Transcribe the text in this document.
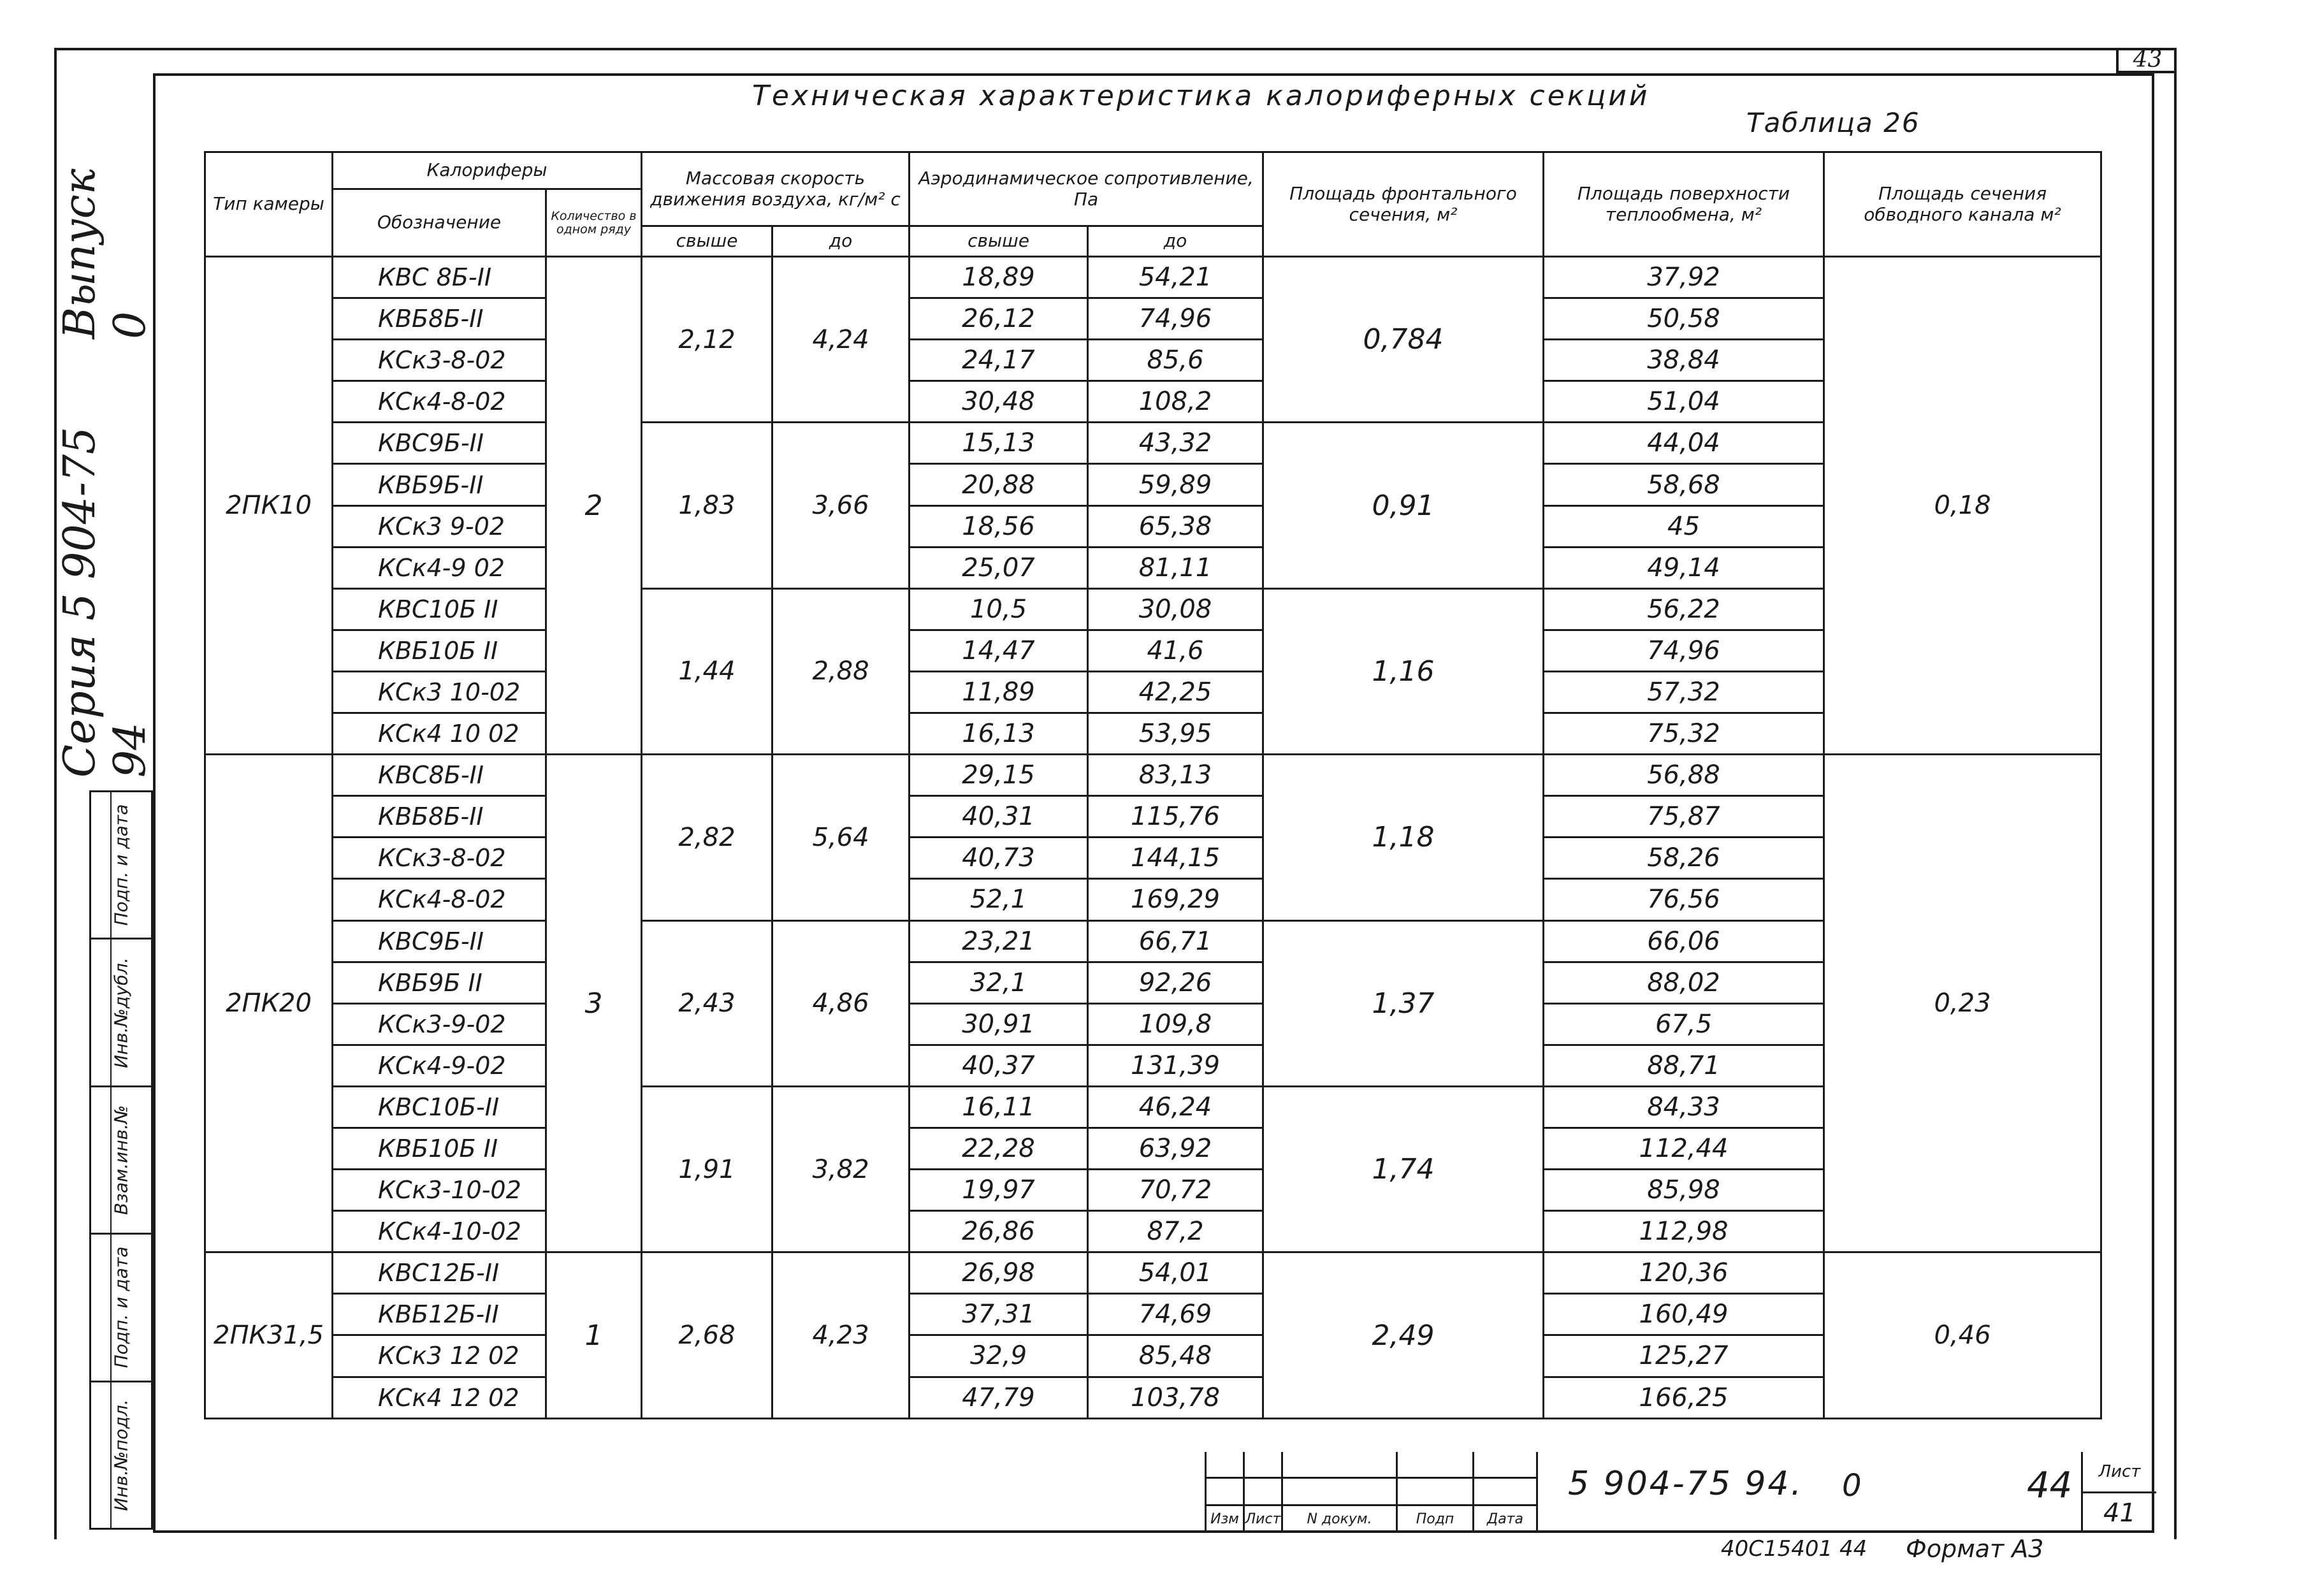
43
Серия 5 904-75 94
Выпуск 0
Подп. и дата
Инв.№дубл.
Взам.инв.№
Подп. и дата
Инв.№подл.
Техническая характеристика калориферных секций
Таблица 26
Тип камеры	Калориферы		Массовая скорость движения воздуха, кг/м² с		Аэродинамическое сопротивление, Па		Площадь фронтального сечения, м²	Площадь поверхности теплообмена, м²	Площадь сечения обводного канала м²
	Обозначение	Количество в одном ряду							
			свыше	до	свыше	до			
2ПК10	КВС 8Б-II	2	2,12	4,24	18,89	54,21	0,784	37,92	0,18
	КВБ8Б-II				26,12	74,96		50,58	
	КСк3-8-02				24,17	85,6		38,84	
	КСк4-8-02				30,48	108,2		51,04	
	КВС9Б-II		1,83	3,66	15,13	43,32	0,91	44,04	
	КВБ9Б-II				20,88	59,89		58,68	
	КСк3 9-02				18,56	65,38		45	
	КСк4-9 02				25,07	81,11		49,14	
	КВС10Б II		1,44	2,88	10,5	30,08	1,16	56,22	
	КВБ10Б II				14,47	41,6		74,96	
	КСк3 10-02				11,89	42,25		57,32	
	КСк4 10 02				16,13	53,95		75,32	
2ПК20	КВС8Б-II	3	2,82	5,64	29,15	83,13	1,18	56,88	0,23
	КВБ8Б-II				40,31	115,76		75,87	
	КСк3-8-02				40,73	144,15		58,26	
	КСк4-8-02				52,1	169,29		76,56	
	КВС9Б-II		2,43	4,86	23,21	66,71	1,37	66,06	
	КВБ9Б II				32,1	92,26		88,02	
	КСк3-9-02				30,91	109,8		67,5	
	КСк4-9-02				40,37	131,39		88,71	
	КВС10Б-II		1,91	3,82	16,11	46,24	1,74	84,33	
	КВБ10Б II				22,28	63,92		112,44	
	КСк3-10-02				19,97	70,72		85,98	
	КСк4-10-02				26,86	87,2		112,98	
2ПК31,5	КВС12Б-II	1	2,68	4,23	26,98	54,01	2,49	120,36	0,46
	КВБ12Б-II				37,31	74,69		160,49	
	КСк3 12 02				32,9	85,48		125,27	
	КСк4 12 02				47,79	103,78		166,25	
Изм Лист	N докум.	Подп	Дата
5 904-75 94. 0	44	Лист
41
40С15401 44 Формат А3
